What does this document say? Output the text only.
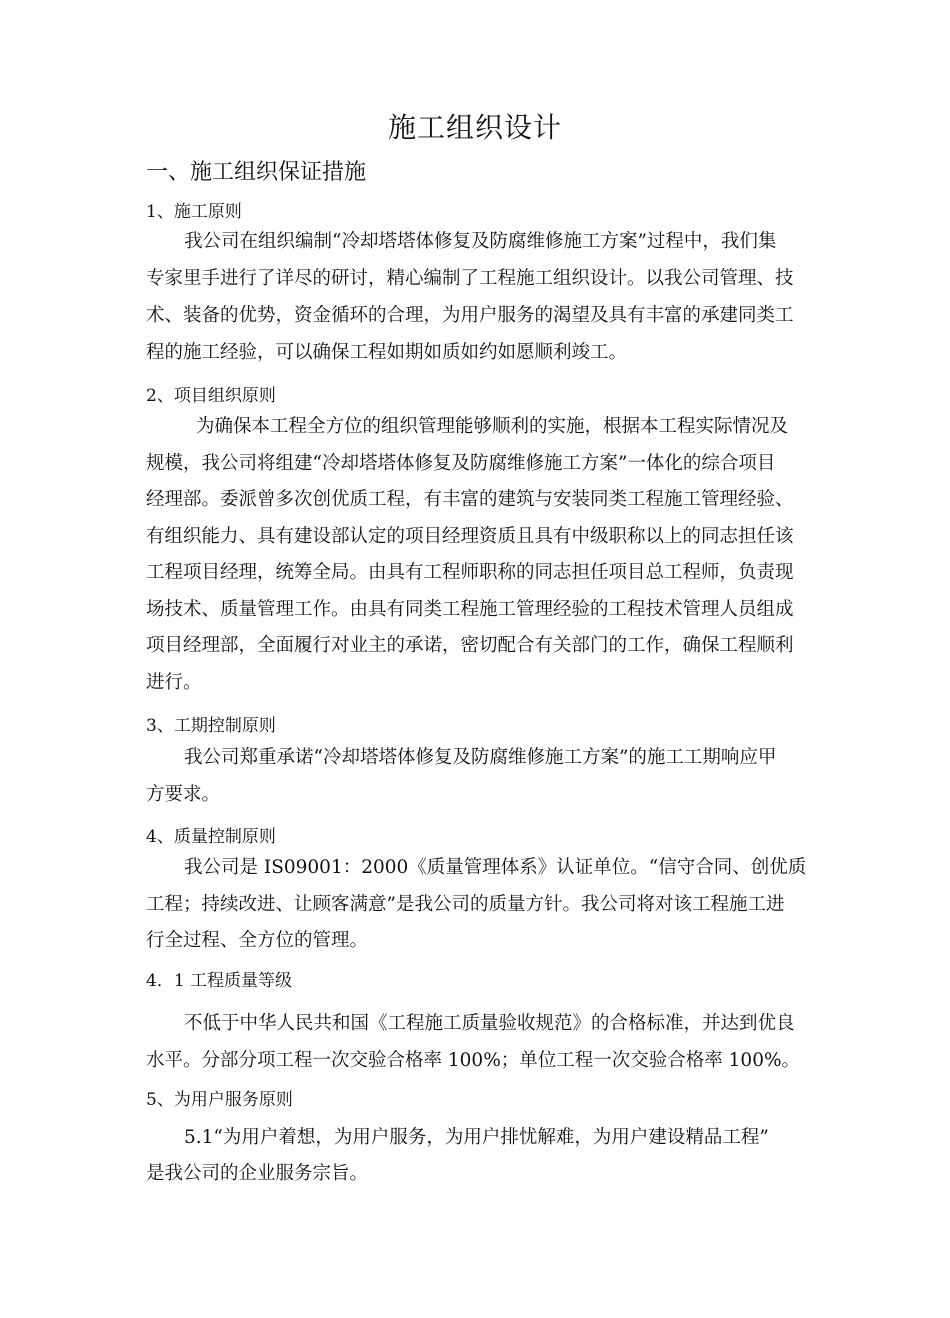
施工组织设计
一、施工组织保证措施
1、施工原则
我公司在组织编制“冷却塔塔体修复及防腐维修施工方案”过程中，我们集
专家里手进行了详尽的研讨，精心编制了工程施工组织设计。以我公司管理、技
术、装备的优势，资金循环的合理，为用户服务的渴望及具有丰富的承建同类工
程的施工经验，可以确保工程如期如质如约如愿顺利竣工。
2、项目组织原则
为确保本工程全方位的组织管理能够顺利的实施，根据本工程实际情况及
规模，我公司将组建“冷却塔塔体修复及防腐维修施工方案”一体化的综合项目
经理部。委派曾多次创优质工程，有丰富的建筑与安装同类工程施工管理经验、
有组织能力、具有建设部认定的项目经理资质且具有中级职称以上的同志担任该
工程项目经理，统筹全局。由具有工程师职称的同志担任项目总工程师，负责现
场技术、质量管理工作。由具有同类工程施工管理经验的工程技术管理人员组成
项目经理部，全面履行对业主的承诺，密切配合有关部门的工作，确保工程顺利
进行。
3、工期控制原则
我公司郑重承诺“冷却塔塔体修复及防腐维修施工方案”的施工工期响应甲
方要求。
4、质量控制原则
我公司是 IS09001：2000《质量管理体系》认证单位。“信守合同、创优质
工程；持续改进、让顾客满意”是我公司的质量方针。我公司将对该工程施工进
行全过程、全方位的管理。
4．1 工程质量等级
不低于中华人民共和国《工程施工质量验收规范》的合格标准，并达到优良
水平。分部分项工程一次交验合格率 100%；单位工程一次交验合格率 100%。
5、为用户服务原则
5.1“为用户着想，为用户服务，为用户排忧解难，为用户建设精品工程”
是我公司的企业服务宗旨。
